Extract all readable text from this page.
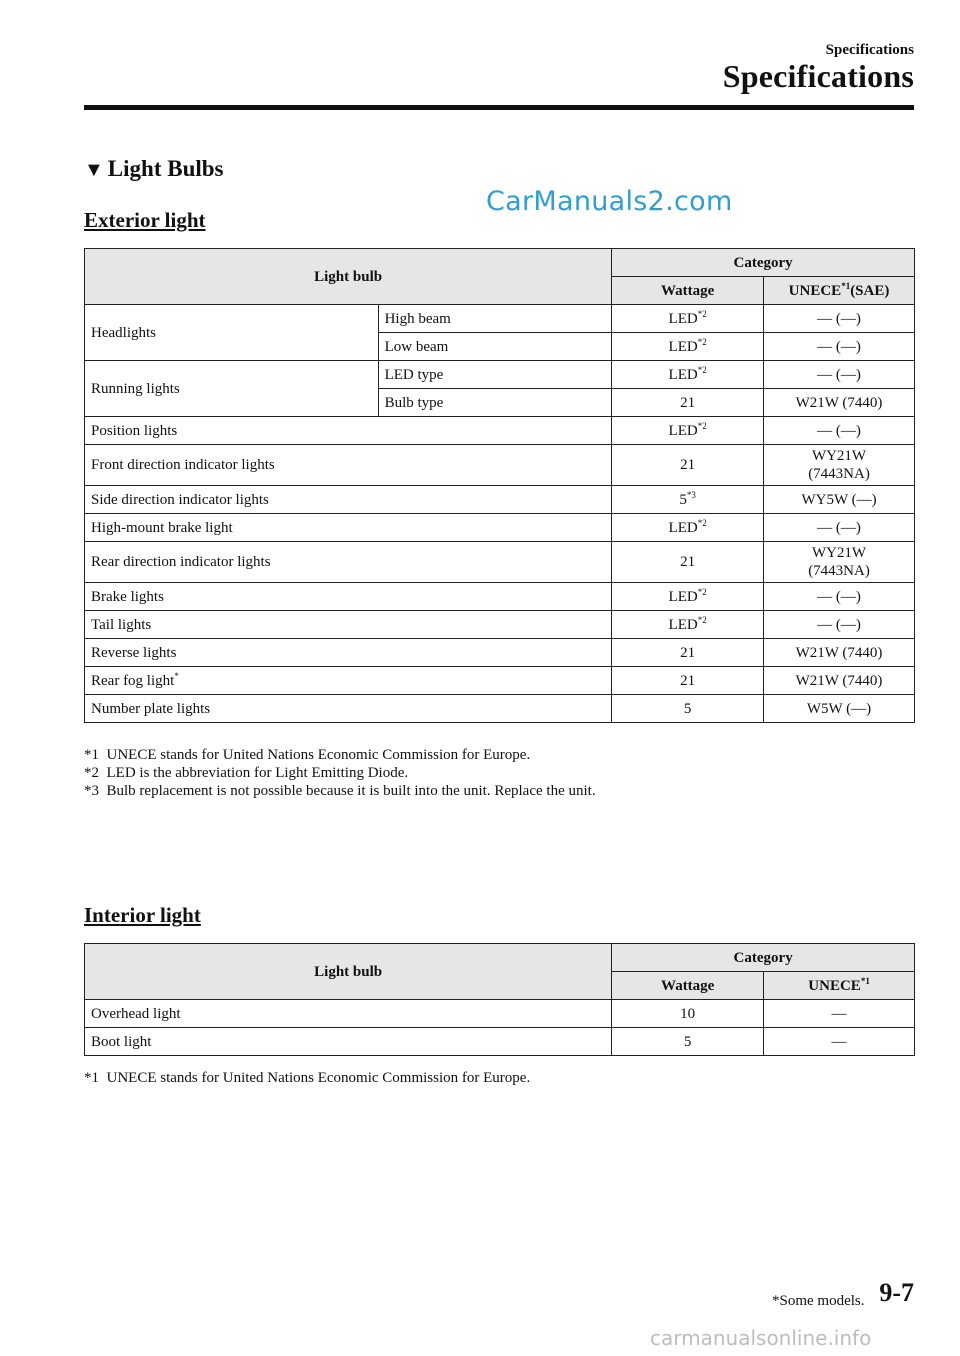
Specifications
Specifications
▼ Light Bulbs
CarManuals2.com
Exterior light
Light bulb		Category	
		Wattage	UNECE$^{*1}$(SAE)
Headlights	High beam	LED$^{*2}$	— (—)
	Low beam	LED$^{*2}$	— (—)
Running lights	LED type	LED$^{*2}$	— (—)
	Bulb type	21	W21W (7440)
Position lights		LED$^{*2}$	— (—)
Front direction indicator lights		21	WY21W
(7443NA)
Side direction indicator lights		5$^{*3}$	WY5W (—)
High-mount brake light		LED$^{*2}$	— (—)
Rear direction indicator lights		21	WY21W
(7443NA)
Brake lights		LED$^{*2}$	— (—)
Tail lights		LED$^{*2}$	— (—)
Reverse lights		21	W21W (7440)
Rear fog light*		21	W21W (7440)
Number plate lights		5	W5W (—)
*1  UNECE stands for United Nations Economic Commission for Europe.
*2  LED is the abbreviation for Light Emitting Diode.
*3  Bulb replacement is not possible because it is built into the unit. Replace the unit.
Interior light
Light bulb	Category	
	Wattage	UNECE$^{*1}$
Overhead light	10	—
Boot light	5	—
*1  UNECE stands for United Nations Economic Commission for Europe.
*Some models. 9-7
carmanualsonline.info
